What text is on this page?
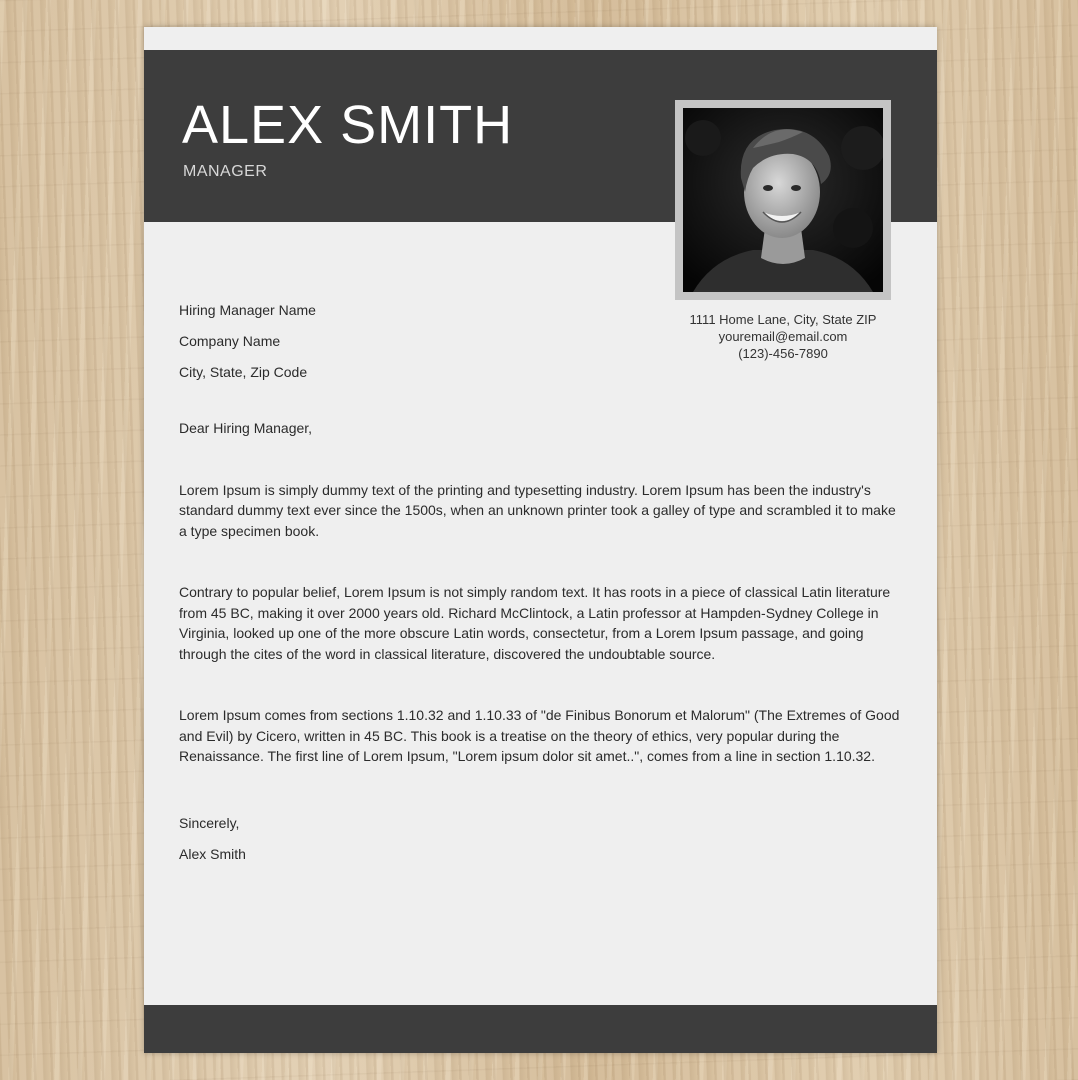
ALEX SMITH
MANAGER
1111 Home Lane, City, State ZIP
youremail@email.com
(123)-456-7890
Hiring Manager Name
Company Name
City, State, Zip Code

Dear Hiring Manager,

Lorem Ipsum is simply dummy text of the printing and typesetting industry. Lorem Ipsum has been the industry's standard dummy text ever since the 1500s, when an unknown printer took a galley of type and scrambled it to make a type specimen book.

Contrary to popular belief, Lorem Ipsum is not simply random text. It has roots in a piece of classical Latin literature from 45 BC, making it over 2000 years old. Richard McClintock, a Latin professor at Hampden-Sydney College in Virginia, looked up one of the more obscure Latin words, consectetur, from a Lorem Ipsum passage, and going through the cites of the word in classical literature, discovered the undoubtable source.

Lorem Ipsum comes from sections 1.10.32 and 1.10.33 of "de Finibus Bonorum et Malorum" (The Extremes of Good and Evil) by Cicero, written in 45 BC. This book is a treatise on the theory of ethics, very popular during the Renaissance. The first line of Lorem Ipsum, "Lorem ipsum dolor sit amet..", comes from a line in section 1.10.32.

Sincerely,
Alex Smith
